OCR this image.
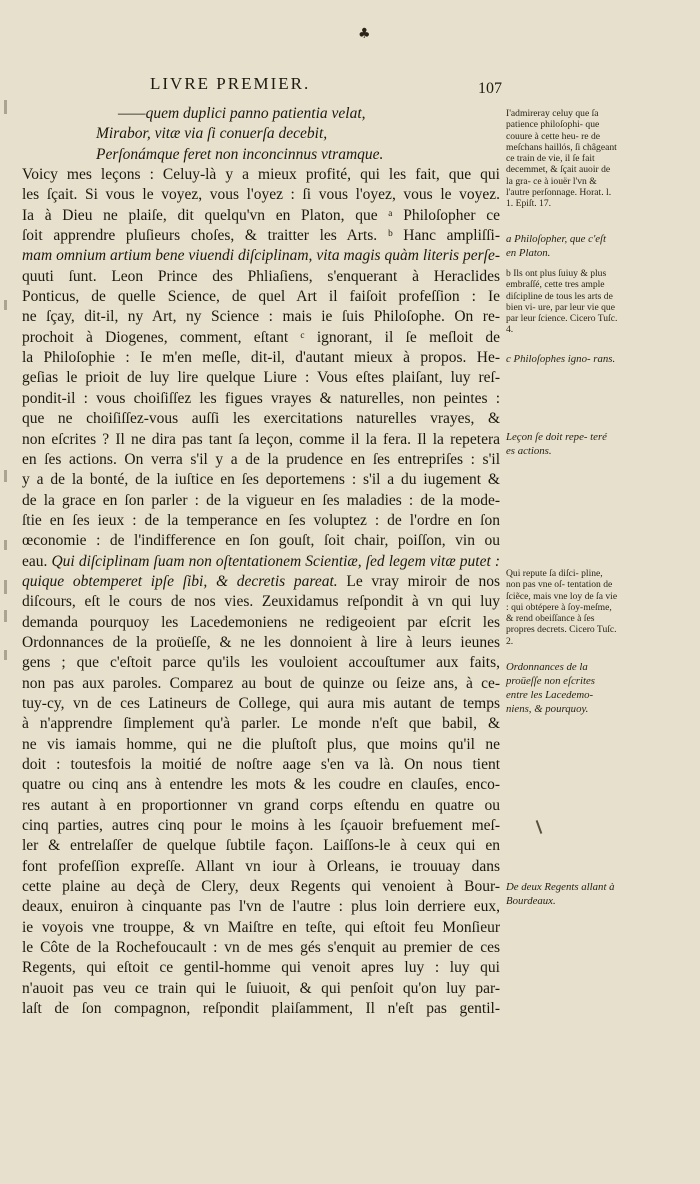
♣
LIVRE PREMIER.	107
——quem duplici panno patientia velat,
Mirabor, vitæ via ſi conuerſa decebit,
Perſonámque feret non inconcinnus vtramque.
Voicy mes leçons : Celuy-là y a mieux profité, qui les fait, que qui
les ſçait. Si vous le voyez, vous l'oyez : ſi vous l'oyez, vous le voyez.
Ia à Dieu ne plaiſe, dit quelqu'vn en Platon, que ᵃ Philoſopher ce
ſoit apprendre pluſieurs choſes, & traitter les Arts. ᵇ Hanc ampliſſi-
mam omnium artium bene viuendi diſciplinam, vita magis quàm literis perſe-
quuti ſunt. Leon Prince des Phliaſiens, s'enquerant à Heraclides
Ponticus, de quelle Science, de quel Art il faiſoit profeſſion : Ie
ne ſçay, dit-il, ny Art, ny Science : mais ie ſuis Philoſophe. On re-
prochoit à Diogenes, comment, eſtant ᶜ ignorant, il ſe meſloit de
la Philoſophie : Ie m'en meſle, dit-il, d'autant mieux à propos. He-
geſias le prioit de luy lire quelque Liure : Vous eſtes plaiſant, luy reſ-
pondit-il : vous choiſiſſez les figues vrayes & naturelles, non peintes :
que ne choiſiſſez-vous auſſi les exercitations naturelles vrayes, &
non eſcrites ? Il ne dira pas tant ſa leçon, comme il la fera. Il la repetera
en ſes actions. On verra s'il y a de la prudence en ſes entrepriſes : s'il
y a de la bonté, de la iuſtice en ſes deportemens : s'il a du iugement &
de la grace en ſon parler : de la vigueur en ſes maladies : de la mode-
ſtie en ſes ieux : de la temperance en ſes voluptez : de l'ordre en ſon
œconomie : de l'indifference en ſon gouſt, ſoit chair, poiſſon, vin ou
eau. Qui diſciplinam ſuam non oſtentationem Scientiæ, ſed legem vitæ putet :
quique obtemperet ipſe ſibi, & decretis pareat. Le vray miroir de nos
diſcours, eſt le cours de nos vies. Zeuxidamus reſpondit à vn qui luy
demanda pourquoy les Lacedemoniens ne redigeoient par eſcrit les
Ordonnances de la proüeſſe, & ne les donnoient à lire à leurs ieunes
gens ; que c'eſtoit parce qu'ils les vouloient accouſtumer aux faits,
non pas aux paroles. Comparez au bout de quinze ou ſeize ans, à ce-
tuy-cy, vn de ces Latineurs de College, qui aura mis autant de temps
à n'apprendre ſimplement qu'à parler. Le monde n'eſt que babil, &
ne vis iamais homme, qui ne die pluſtoſt plus, que moins qu'il ne
doit : toutesfois la moitié de noſtre aage s'en va là. On nous tient
quatre ou cinq ans à entendre les mots & les coudre en clauſes, enco-
res autant à en proportionner vn grand corps eſtendu en quatre ou
cinq parties, autres cinq pour le moins à les ſçauoir brefuement meſ-
ler & entrelaſſer de quelque ſubtile façon. Laiſſons-le à ceux qui en
font profeſſion expreſſe. Allant vn iour à Orleans, ie trouuay dans
cette plaine au deçà de Clery, deux Regents qui venoient à Bour-
deaux, enuiron à cinquante pas l'vn de l'autre : plus loin derriere eux,
ie voyois vne trouppe, & vn Maiſtre en teſte, qui eſtoit feu Monſieur
le Côte de la Rochefoucault : vn de mes gés s'enquit au premier de ces
Regents, qui eſtoit ce gentil-homme qui venoit apres luy : luy qui
n'auoit pas veu ce train qui le ſuiuoit, & qui penſoit qu'on luy par-
laſt de ſon compagnon, reſpondit plaiſamment, Il n'eſt pas gentil-
I'admireray celuy que ſa patience philoſophi- que couure à cette heu- re de meſchans haillós, ſi châgeant ce train de vie, il ſe fait decemmet, & ſçait auoir de la gra- ce à iouër l'vn & l'autre perſonnage. Horat. l. 1. Epiſt. 17.
a Philoſopher, que c'eſt en Platon.
b Ils ont plus ſuiuy & plus embraſſé, cette tres ample diſcipline de tous les arts de bien vi- ure, par leur vie que par leur ſcience. Cicero Tuſc. 4.
c Philoſophes igno- rans.
Leçon ſe doit repe- teré es actions.
Qui repute ſa diſci- pline, non pas vne oſ- tentation de ſciẽce, mais vne loy de ſa vie : qui obtépere à ſoy-meſme, & rend obeiſſance à ſes propres decrets. Cicero Tuſc. 2.
Ordonnances de la proüeſſe non eſcrites entre les Lacedemo- niens, & pourquoy.
De deux Regents allant à Bourdeaux.
